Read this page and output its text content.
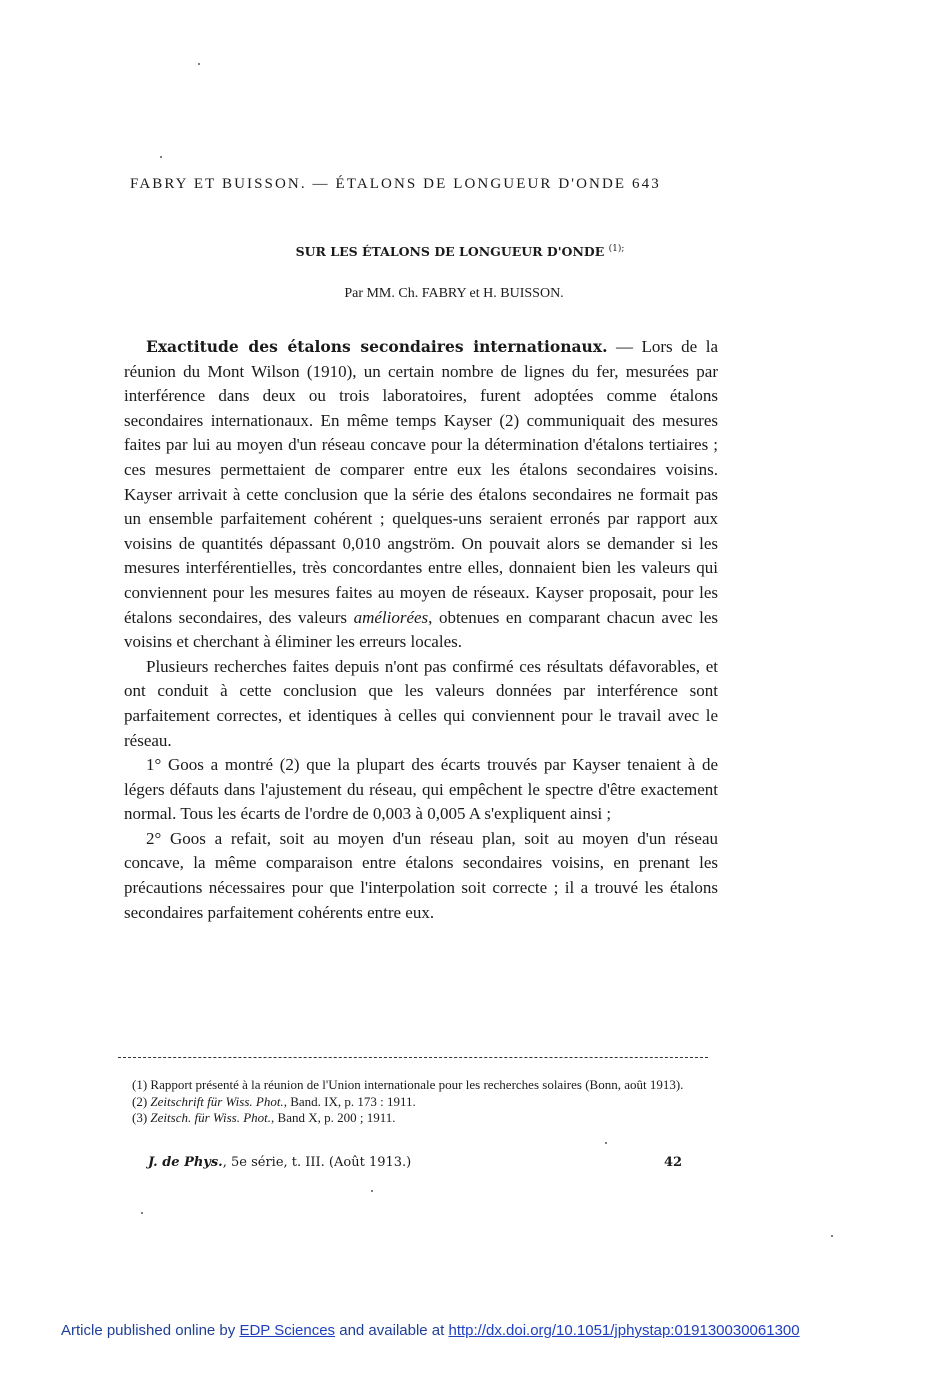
FABRY ET BUISSON. — ÉTALONS DE LONGUEUR D'ONDE 643
SUR LES ÉTALONS DE LONGUEUR D'ONDE $^{(1);}$
Par MM. Ch. FABRY et H. BUISSON.

Exactitude des étalons secondaires internationaux. — Lors de la réunion du Mont Wilson (1910), un certain nombre de lignes du fer, mesurées par interférence dans deux ou trois laboratoires, furent adoptées comme étalons secondaires internationaux. En même temps Kayser (2) communiquait des mesures faites par lui au moyen d'un réseau concave pour la détermination d'étalons tertiaires ; ces mesures permettaient de comparer entre eux les étalons secondaires voisins. Kayser arrivait à cette conclusion que la série des étalons secondaires ne formait pas un ensemble parfaitement cohérent ; quelques-uns seraient erronés par rapport aux voisins de quantités dépassant 0,010 angström. On pouvait alors se demander si les mesures interférentielles, très concordantes entre elles, donnaient bien les valeurs qui conviennent pour les mesures faites au moyen de réseaux. Kayser proposait, pour les étalons secondaires, des valeurs améliorées, obtenues en comparant chacun avec les voisins et cherchant à éliminer les erreurs locales.

Plusieurs recherches faites depuis n'ont pas confirmé ces résultats défavorables, et ont conduit à cette conclusion que les valeurs données par interférence sont parfaitement correctes, et identiques à celles qui conviennent pour le travail avec le réseau.

1° Goos a montré (2) que la plupart des écarts trouvés par Kayser tenaient à de légers défauts dans l'ajustement du réseau, qui empêchent le spectre d'être exactement normal. Tous les écarts de l'ordre de 0,003 à 0,005 A s'expliquent ainsi ;

2° Goos a refait, soit au moyen d'un réseau plan, soit au moyen d'un réseau concave, la même comparaison entre étalons secondaires voisins, en prenant les précautions nécessaires pour que l'interpolation soit correcte ; il a trouvé les étalons secondaires parfaitement cohérents entre eux.

(1) Rapport présenté à la réunion de l'Union internationale pour les recherches solaires (Bonn, août 1913).

(2) Zeitschrift für Wiss. Phot., Band. IX, p. 173 : 1911.

(3) Zeitsch. für Wiss. Phot., Band X, p. 200 ; 1911.

J. de Phys., 5e série, t. III. (Août 1913.)	42
Article published online by EDP Sciences and available at http://dx.doi.org/10.1051/jphystap:019130030061300
